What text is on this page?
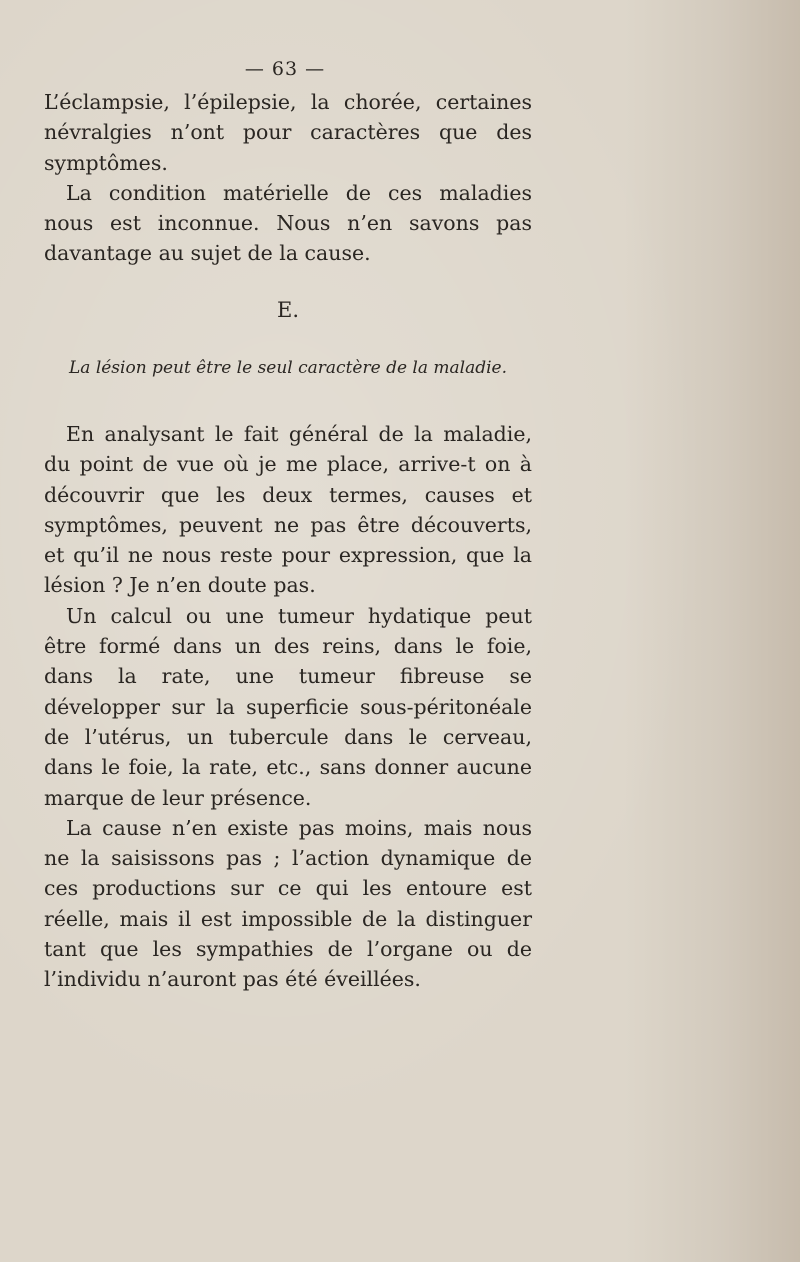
— 63 —

L’éclampsie, l’épilepsie, la chorée, certaines névralgies n’ont pour caractères que des symptômes.

La condition matérielle de ces maladies nous est inconnue. Nous n’en savons pas davantage au sujet de la cause.

E.
La lésion peut être le seul caractère de la maladie.

En analysant le fait général de la maladie, du point de vue où je me place, arrive-t on à découvrir que les deux termes, causes et symptômes, peuvent ne pas être découverts, et qu’il ne nous reste pour expression, que la lésion ? Je n’en doute pas.

Un calcul ou une tumeur hydatique peut être formé dans un des reins, dans le foie, dans la rate, une tumeur fibreuse se développer sur la superficie sous-péritonéale de l’utérus, un tubercule dans le cerveau, dans le foie, la rate, etc., sans donner aucune marque de leur présence.

La cause n’en existe pas moins, mais nous ne la saisissons pas ; l’action dynamique de ces productions sur ce qui les entoure est réelle, mais il est impossible de la distinguer tant que les sympathies de l’organe ou de l’individu n’auront pas été éveillées.
